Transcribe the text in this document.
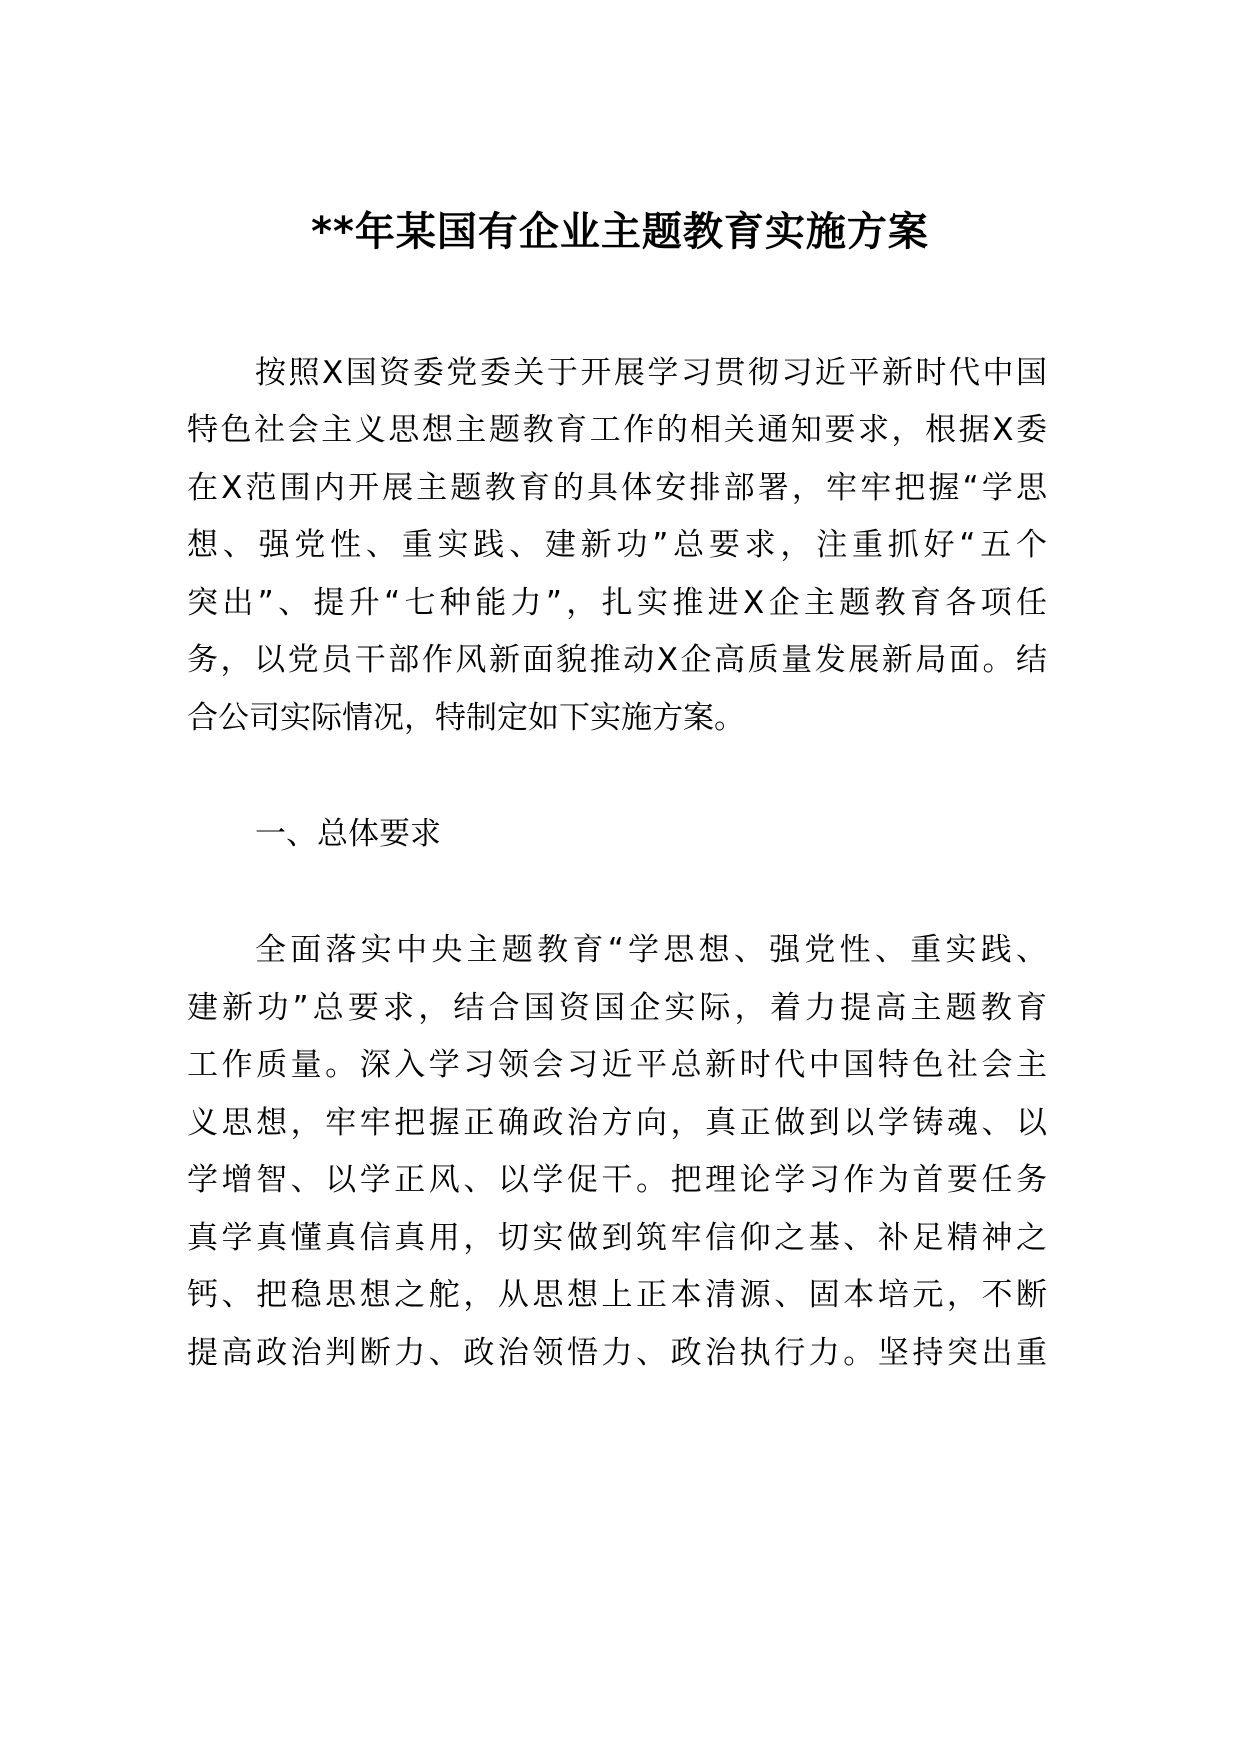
**年某国有企业主题教育实施方案

按照X国资委党委关于开展学习贯彻习近平新时代中国

特色社会主义思想主题教育工作的相关通知要求，根据X委

在X范围内开展主题教育的具体安排部署，牢牢把握“学思

想、强党性、重实践、建新功”总要求，注重抓好“五个

突出”、提升“七种能力”，扎实推进X企主题教育各项任

务，以党员干部作风新面貌推动X企高质量发展新局面。结

合公司实际情况，特制定如下实施方案。

一、总体要求

全面落实中央主题教育“学思想、强党性、重实践、

建新功”总要求，结合国资国企实际，着力提高主题教育

工作质量。深入学习领会习近平总新时代中国特色社会主

义思想，牢牢把握正确政治方向，真正做到以学铸魂、以

学增智、以学正风、以学促干。把理论学习作为首要任务

真学真懂真信真用，切实做到筑牢信仰之基、补足精神之

钙、把稳思想之舵，从思想上正本清源、固本培元，不断

提高政治判断力、政治领悟力、政治执行力。坚持突出重
